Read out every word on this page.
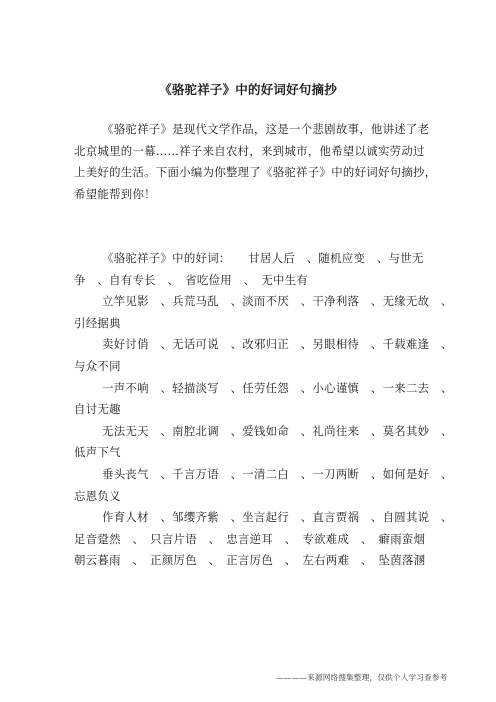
《骆驼祥子》中的好词好句摘抄
《骆驼祥子》是现代文学作品，这是一个悲剧故事，他讲述了老
北京城里的一幕……祥子来自农村，来到城市，他希望以诚实劳动过
上美好的生活。下面小编为你整理了《骆驼祥子》中的好词好句摘抄，
希望能帮到你！
《骆驼祥子》中的好词：　　甘居人后　、随机应变　、与世无
争　、自有专长　、　省吃俭用　、　无中生有
立竿见影　、兵荒马乱　、淡而不厌　、干净利落　、无缘无故　、
引经据典
卖好讨俏　、无话可说　、改邪归正　、另眼相待　、千载难逢　、
与众不同
一声不响　、轻描淡写　、任劳任怨　、小心谨慎　、一来二去　、
自讨无趣
无法无天　、南腔北调　、爱钱如命　、礼尚往来　、莫名其妙　、
低声下气
垂头丧气　、千言万语　、一清二白　、一刀两断　、如何是好　、
忘恩负义
作育人材　、邹缨齐紫　、坐言起行　、直言贾祸　、自圆其说　、
足音跫然　、　只言片语　、　忠言逆耳　、　专欲难成　、　癖雨蛮烟
朝云暮雨　、　正颜厉色　、　正言厉色　、　左右两难　、　坠茵落溷
————来源网络搜集整理，仅供个人学习查参考
